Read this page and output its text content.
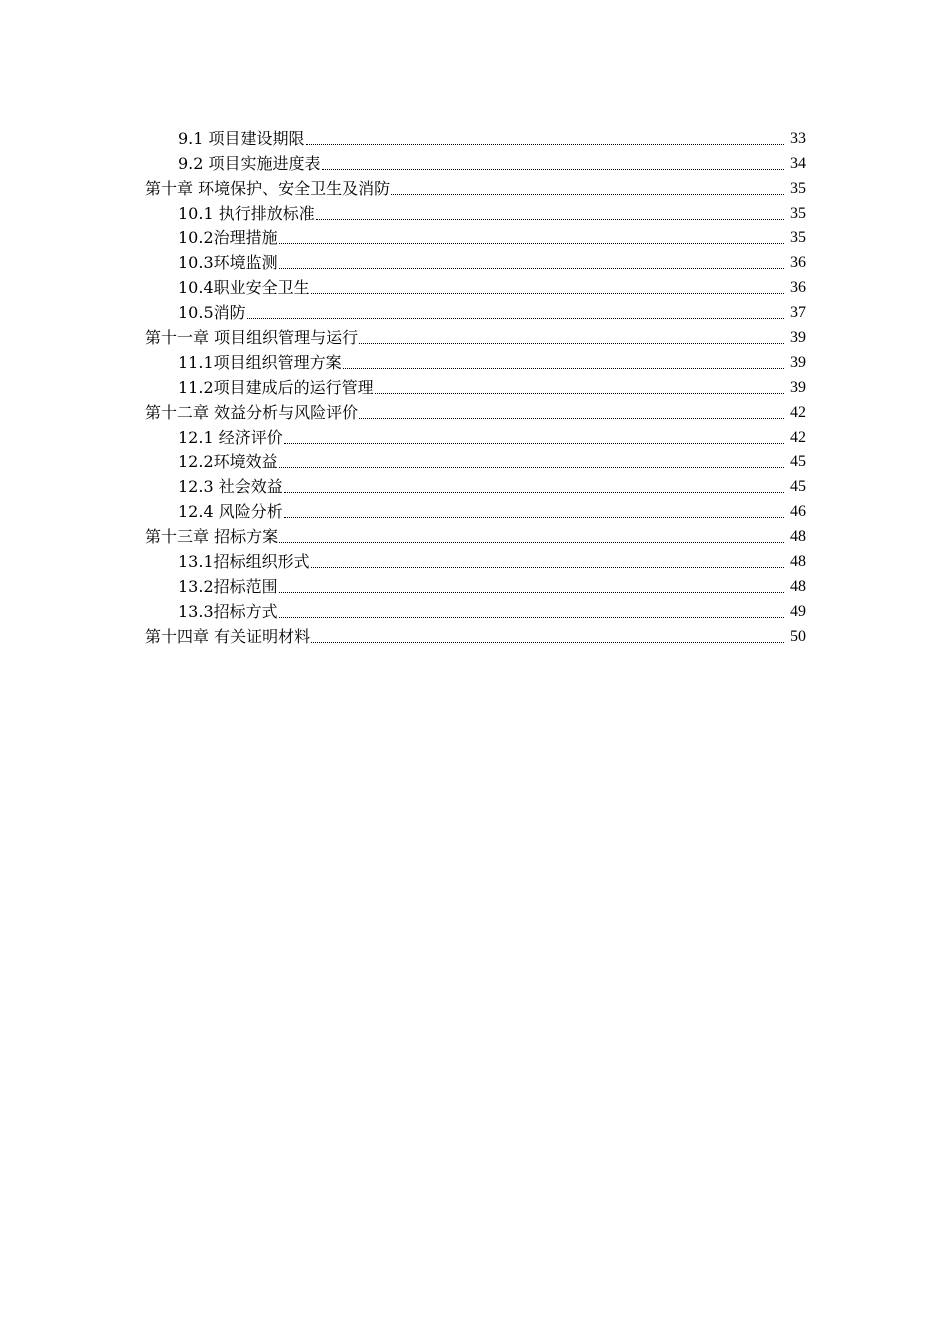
9.1 项目建设期限	33
9.2 项目实施进度表	34
第十章 环境保护、安全卫生及消防	35
10.1 执行排放标准	35
10.2治理措施	35
10.3环境监测	36
10.4职业安全卫生	36
10.5消防	37
第十一章 项目组织管理与运行	39
11.1项目组织管理方案	39
11.2项目建成后的运行管理	39
第十二章 效益分析与风险评价	42
12.1 经济评价	42
12.2环境效益	45
12.3 社会效益	45
12.4 风险分析	46
第十三章 招标方案	48
13.1招标组织形式	48
13.2招标范围	48
13.3招标方式	49
第十四章 有关证明材料	50
